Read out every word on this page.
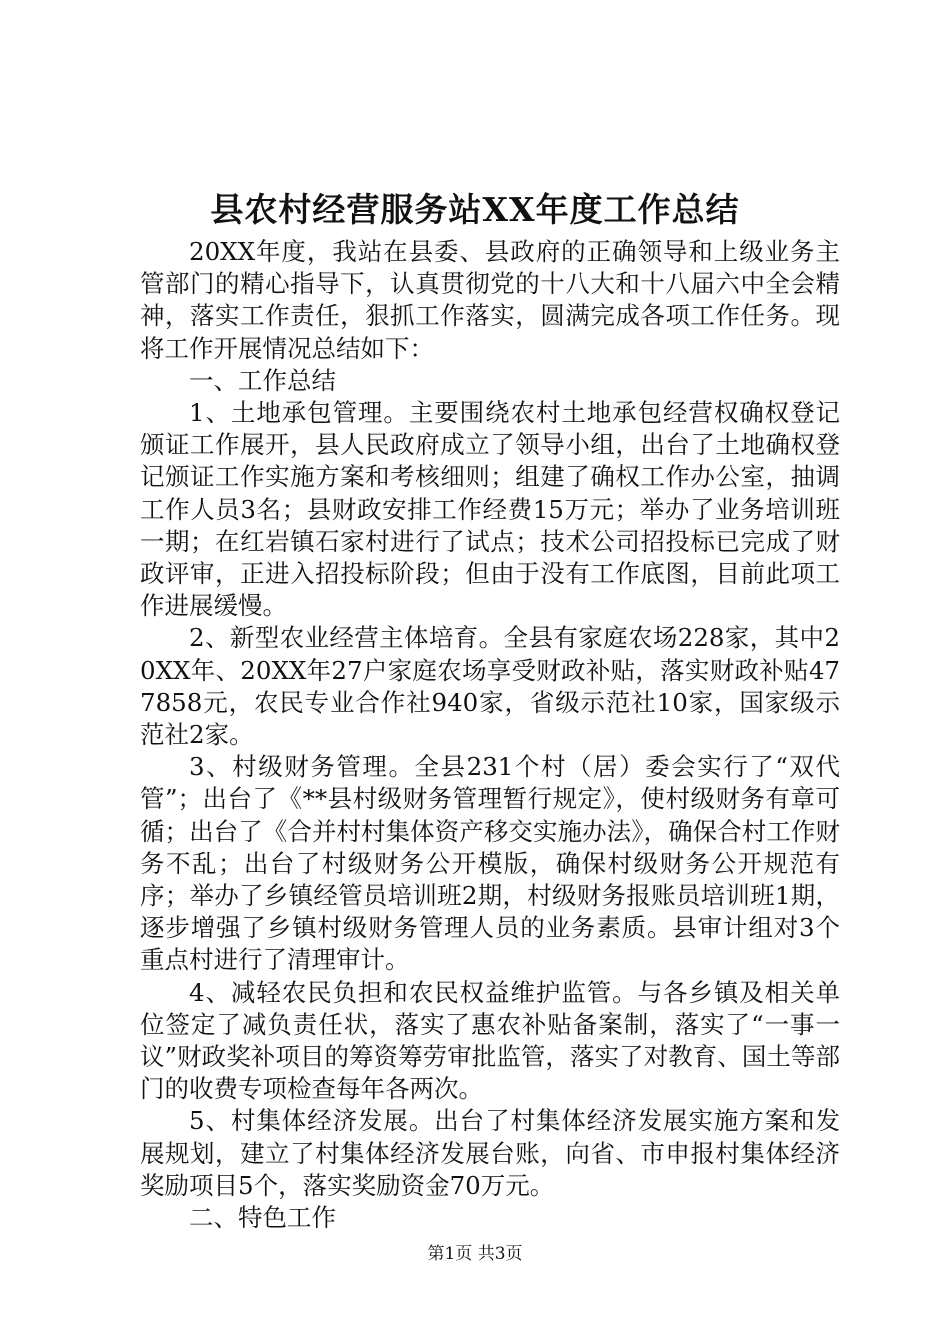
县农村经营服务站XX年度工作总结

20XX年度，我站在县委、县政府的正确领导和上级业务主管部门的精心指导下，认真贯彻党的十八大和十八届六中全会精神，落实工作责任，狠抓工作落实，圆满完成各项工作任务。现将工作开展情况总结如下：

一、工作总结

1、土地承包管理。主要围绕农村土地承包经营权确权登记颁证工作展开，县人民政府成立了领导小组，出台了土地确权登记颁证工作实施方案和考核细则；组建了确权工作办公室，抽调工作人员3名；县财政安排工作经费15万元；举办了业务培训班一期；在红岩镇石家村进行了试点；技术公司招投标已完成了财政评审，正进入招投标阶段；但由于没有工作底图，目前此项工作进展缓慢。

2、新型农业经营主体培育。全县有家庭农场228家，其中20XX年、20XX年27户家庭农场享受财政补贴，落实财政补贴477858元，农民专业合作社940家，省级示范社10家，国家级示范社2家。

3、村级财务管理。全县231个村（居）委会实行了“双代管”；出台了《**县村级财务管理暂行规定》，使村级财务有章可循；出台了《合并村村集体资产移交实施办法》，确保合村工作财务不乱；出台了村级财务公开模版，确保村级财务公开规范有序；举办了乡镇经管员培训班2期，村级财务报账员培训班1期，逐步增强了乡镇村级财务管理人员的业务素质。县审计组对3个重点村进行了清理审计。

4、减轻农民负担和农民权益维护监管。与各乡镇及相关单位签定了减负责任状，落实了惠农补贴备案制，落实了“一事一议”财政奖补项目的筹资筹劳审批监管，落实了对教育、国土等部门的收费专项检查每年各两次。

5、村集体经济发展。出台了村集体经济发展实施方案和发展规划，建立了村集体经济发展台账，向省、市申报村集体经济奖励项目5个，落实奖励资金70万元。

二、特色工作

第1页 共3页
